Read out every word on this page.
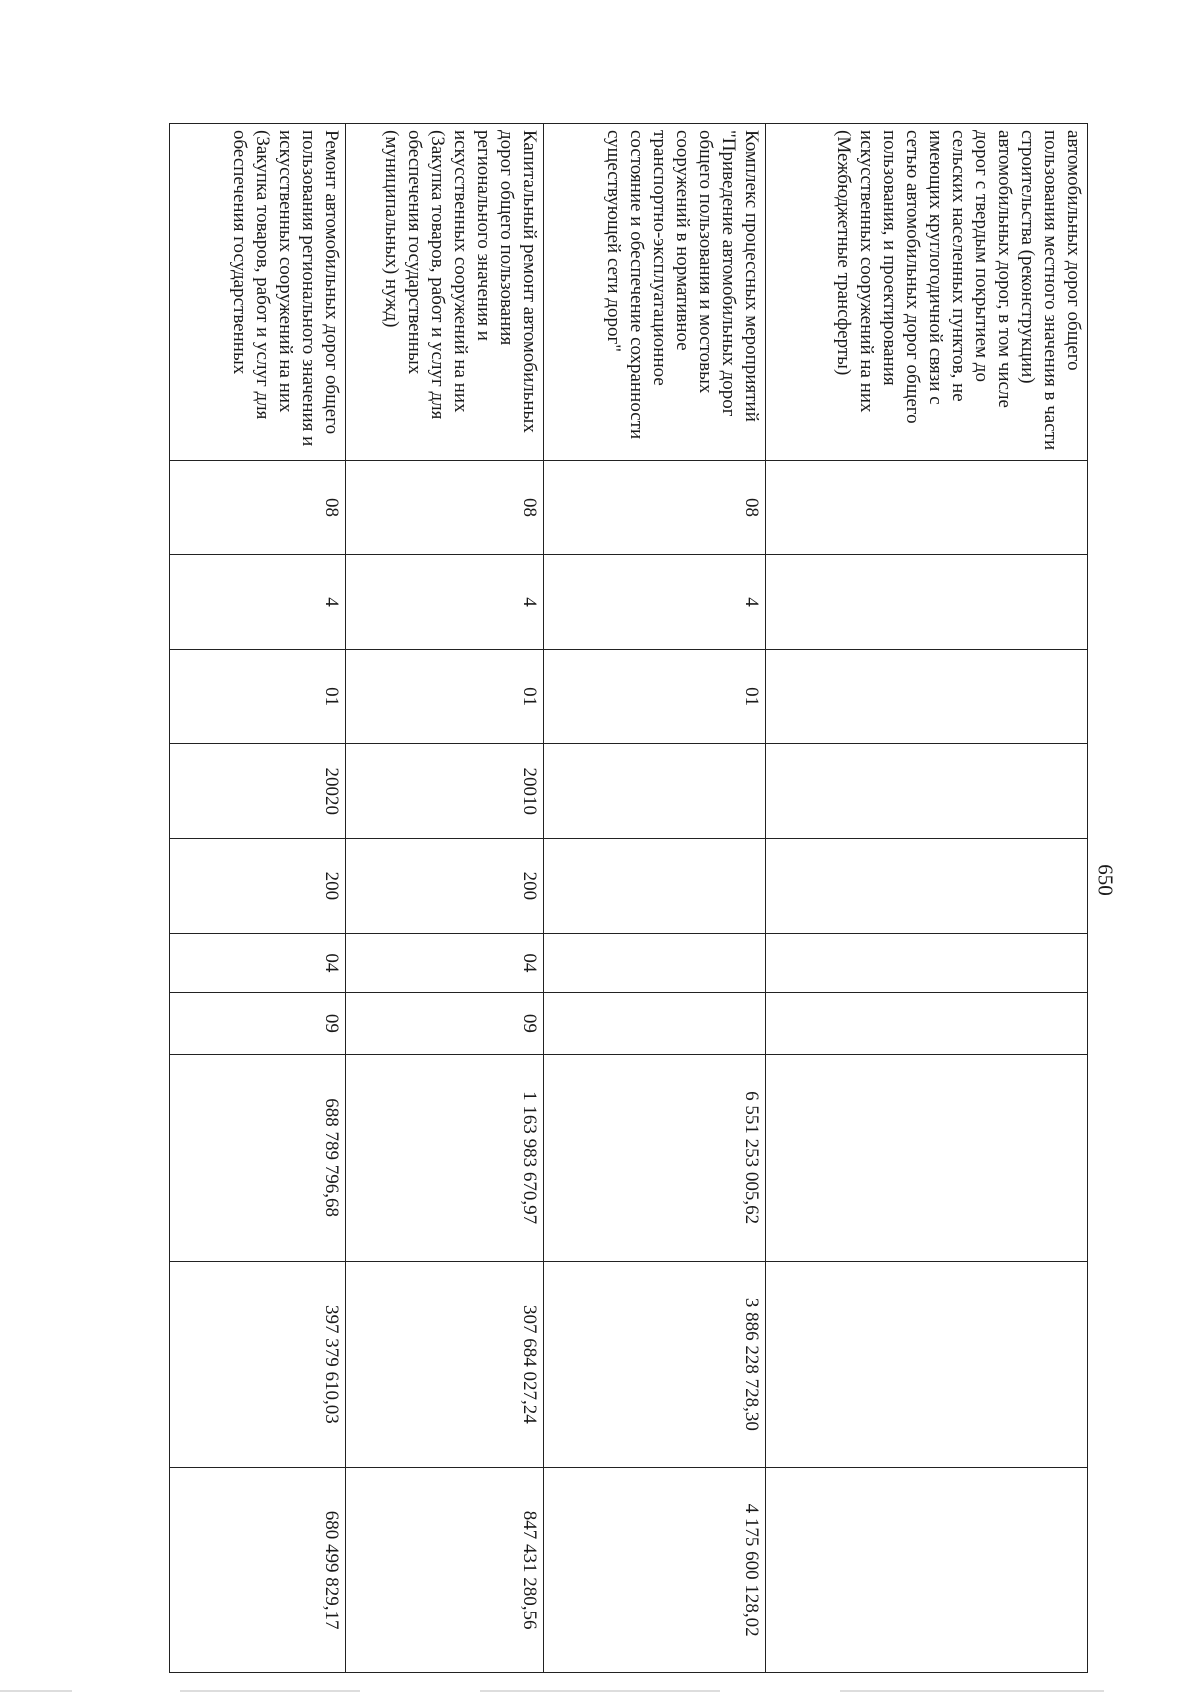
650
автомобильных дорог общего пользования местного значения в части строительства (реконструкции) автомобильных дорог, в том числе дорог с твердым покрытием до сельских населенных пунктов, не имеющих круглогодичной связи с сетью автомобильных дорог общего пользования, и проектирования искусственных сооружений на них (Межбюджетные трансферты)										
Комплекс процессных мероприятий "Приведение автомобильных дорог общего пользования и мостовых сооружений в нормативное транспортно-эксплуатационное состояние и обеспечение сохранности существующей сети дорог"	08	4	01					6 551 253 005,62	3 886 228 728,30	4 175 600 128,02
Капитальный ремонт автомобильных дорог общего пользования регионального значения и искусственных сооружений на них (Закупка товаров, работ и услуг для обеспечения государственных (муниципальных) нужд)	08	4	01	20010	200	04	09	1 163 983 670,97	307 684 027,24	847 431 280,56
Ремонт автомобильных дорог общего пользования регионального значения и искусственных сооружений на них (Закупка товаров, работ и услуг для обеспечения государственных	08	4	01	20020	200	04	09	688 789 796,68	397 379 610,03	680 499 829,17
